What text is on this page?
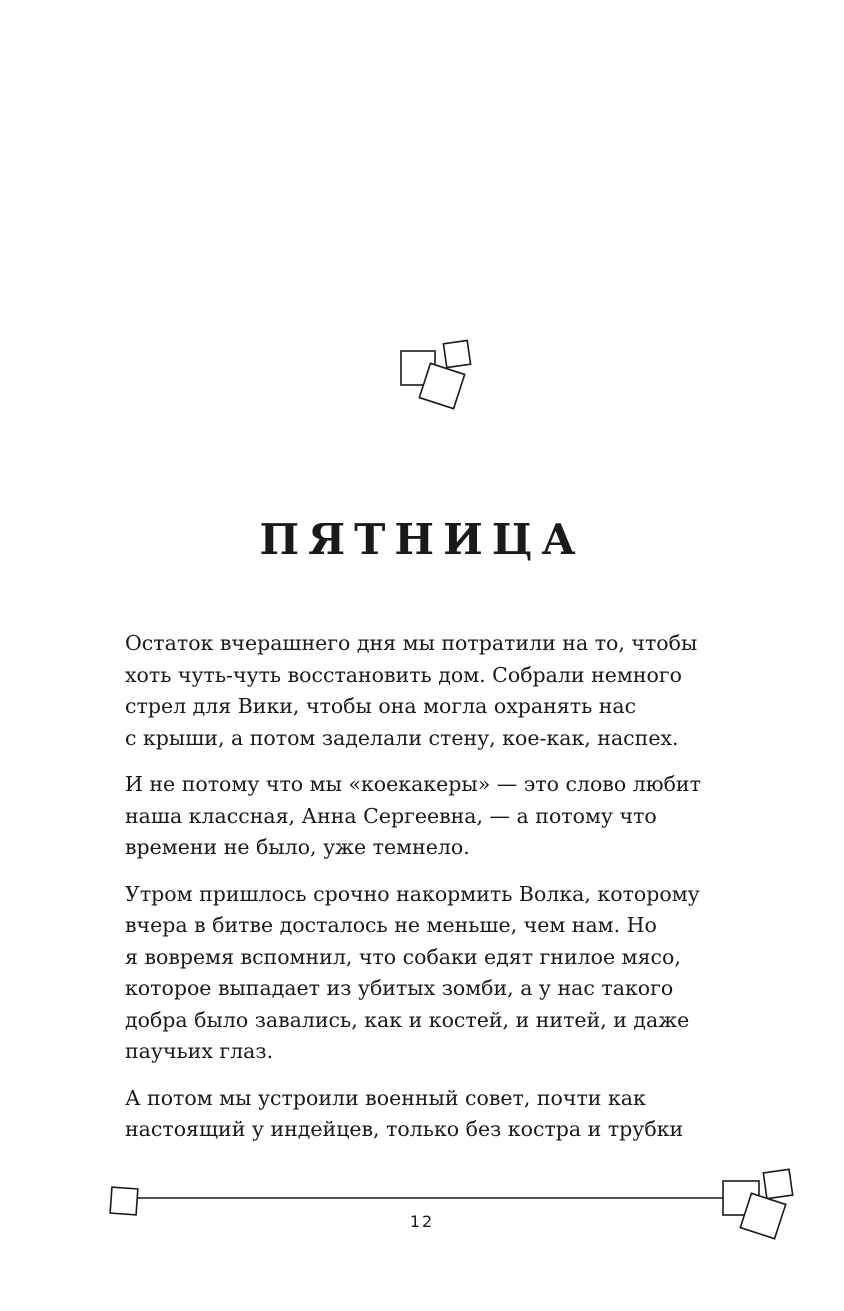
ПЯТНИЦА

Остаток вчерашнего дня мы потратили на то, чтобы
хоть чуть-чуть восстановить дом. Собрали немного
стрел для Вики, чтобы она могла охранять нас
с крыши, а потом заделали стену, кое-как, наспех.

И не потому что мы «коекакеры» — это слово любит
наша классная, Анна Сергеевна, — а потому что
времени не было, уже темнело.

Утром пришлось срочно накормить Волка, которому
вчера в битве досталось не меньше, чем нам. Но
я вовремя вспомнил, что собаки едят гнилое мясо,
которое выпадает из убитых зомби, а у нас такого
добра было завались, как и костей, и нитей, и даже
паучьих глаз.

А потом мы устроили военный совет, почти как
настоящий у индейцев, только без костра и трубки

12
